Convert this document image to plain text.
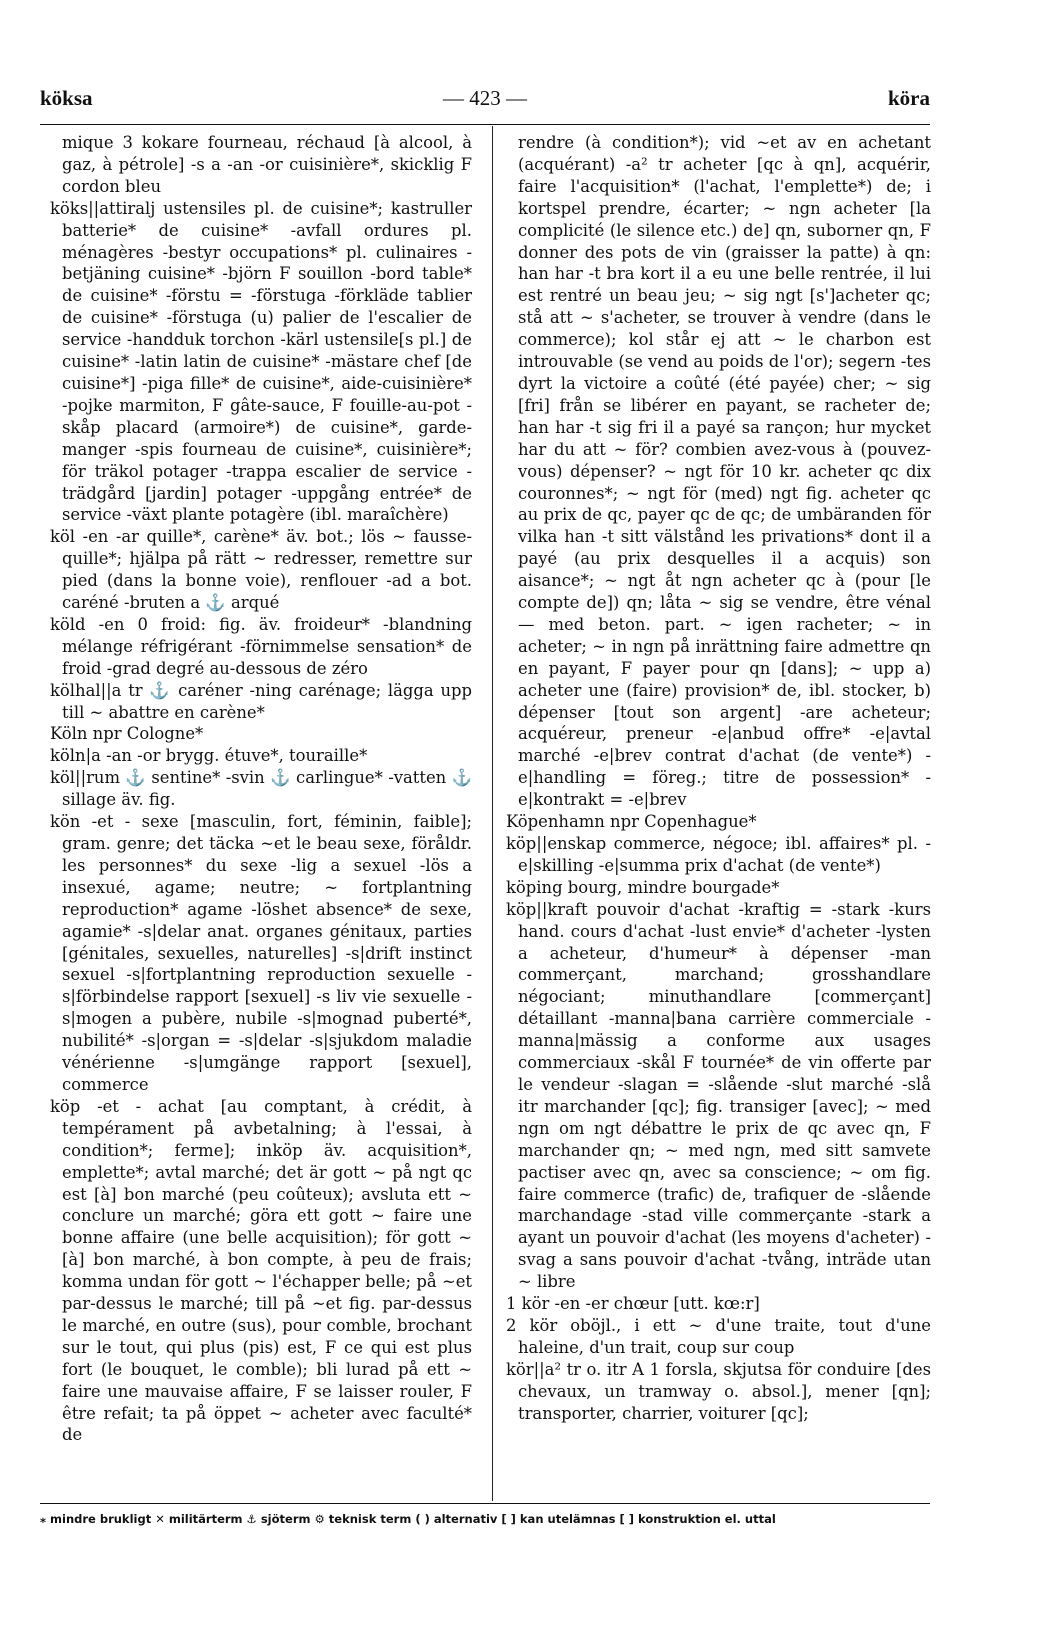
köksa	— 423 —	köra

mique 3 kokare fourneau, réchaud [à alcool, à gaz, à pétrole] -s a -an -or cuisinière*, skicklig F cordon bleu

köks||attiralj ustensiles pl. de cuisine*; kastruller batterie* de cuisine* -avfall ordures pl. ménagères -bestyr occupations* pl. culinaires -betjäning cuisine* -björn F souillon -bord table* de cuisine* -förstu = -förstuga -förkläde tablier de cuisine* -förstuga (u) palier de l'escalier de service -handduk torchon -kärl ustensile[s pl.] de cuisine* -latin latin de cuisine* -mästare chef [de cuisine*] -piga fille* de cuisine*, aide-cuisinière* -pojke marmiton, F gâte-sauce, F fouille-au-pot -skåp placard (armoire*) de cuisine*, garde-manger -spis fourneau de cuisine*, cuisinière*; för träkol potager -trappa escalier de service -trädgård [jardin] potager -uppgång entrée* de service -växt plante potagère (ibl. maraîchère)

köl -en -ar quille*, carène* äv. bot.; lös ~ fausse-quille*; hjälpa på rätt ~ redresser, remettre sur pied (dans la bonne voie), renflouer -ad a bot. caréné -bruten a ⚓ arqué

köld -en 0 froid: fig. äv. froideur* -blandning mélange réfrigérant -förnimmelse sensation* de froid -grad degré au-dessous de zéro

kölhal||a tr ⚓ caréner -ning carénage; lägga upp till ~ abattre en carène*

Köln npr Cologne*

köln|a -an -or brygg. étuve*, touraille*

köl||rum ⚓ sentine* -svin ⚓ carlingue* -vatten ⚓ sillage äv. fig.

kön -et - sexe [masculin, fort, féminin, faible]; gram. genre; det täcka ~et le beau sexe, föråldr. les personnes* du sexe -lig a sexuel -lös a insexué, agame; neutre; ~ fortplantning reproduction* agame -löshet absence* de sexe, agamie* -s|delar anat. organes génitaux, parties [génitales, sexuelles, naturelles] -s|drift instinct sexuel -s|fortplantning reproduction sexuelle -s|förbindelse rapport [sexuel] -s liv vie sexuelle -s|mogen a pubère, nubile -s|mognad puberté*, nubilité* -s|organ = -s|delar -s|sjukdom maladie vénérienne -s|umgänge rapport [sexuel], commerce

köp -et - achat [au comptant, à crédit, à tempérament på avbetalning; à l'essai, à condition*; ferme]; inköp äv. acquisition*, emplette*; avtal marché; det är gott ~ på ngt qc est [à] bon marché (peu coûteux); avsluta ett ~ conclure un marché; göra ett gott ~ faire une bonne affaire (une belle acquisition); för gott ~ [à] bon marché, à bon compte, à peu de frais; komma undan för gott ~ l'échapper belle; på ~et par-dessus le marché; till på ~et fig. par-dessus le marché, en outre (sus), pour comble, brochant sur le tout, qui plus (pis) est, F ce qui est plus fort (le bouquet, le comble); bli lurad på ett ~ faire une mauvaise affaire, F se laisser rouler, F être refait; ta på öppet ~ acheter avec faculté* de

rendre (à condition*); vid ~et av en achetant (acquérant) -a² tr acheter [qc à qn], acquérir, faire l'acquisition* (l'achat, l'emplette*) de; i kortspel prendre, écarter; ~ ngn acheter [la complicité (le silence etc.) de] qn, suborner qn, F donner des pots de vin (graisser la patte) à qn: han har -t bra kort il a eu une belle rentrée, il lui est rentré un beau jeu; ~ sig ngt [s']acheter qc; stå att ~ s'acheter, se trouver à vendre (dans le commerce); kol står ej att ~ le charbon est introuvable (se vend au poids de l'or); segern -tes dyrt la victoire a coûté (été payée) cher; ~ sig [fri] från se libérer en payant, se racheter de; han har -t sig fri il a payé sa rançon; hur mycket har du att ~ för? combien avez-vous à (pouvez-vous) dépenser? ~ ngt för 10 kr. acheter qc dix couronnes*; ~ ngt för (med) ngt fig. acheter qc au prix de qc, payer qc de qc; de umbäranden för vilka han -t sitt välstånd les privations* dont il a payé (au prix desquelles il a acquis) son aisance*; ~ ngt åt ngn acheter qc à (pour [le compte de]) qn; låta ~ sig se vendre, être vénal — med beton. part. ~ igen racheter; ~ in acheter; ~ in ngn på inrättning faire admettre qn en payant, F payer pour qn [dans]; ~ upp a) acheter une (faire) provision* de, ibl. stocker, b) dépenser [tout son argent] -are acheteur; acquéreur, preneur -e|anbud offre* -e|avtal marché -e|brev contrat d'achat (de vente*) -e|handling = föreg.; titre de possession* -e|kontrakt = -e|brev

Köpenhamn npr Copenhague*

köp||enskap commerce, négoce; ibl. affaires* pl. -e|skilling -e|summa prix d'achat (de vente*)

köping bourg, mindre bourgade*

köp||kraft pouvoir d'achat -kraftig = -stark -kurs hand. cours d'achat -lust envie* d'acheter -lysten a acheteur, d'humeur* à dépenser -man commerçant, marchand; grosshandlare négociant; minuthandlare [commerçant] détaillant -manna|bana carrière commerciale -manna|mässig a conforme aux usages commerciaux -skål F tournée* de vin offerte par le vendeur -slagan = -slående -slut marché -slå itr marchander [qc]; fig. transiger [avec]; ~ med ngn om ngt débattre le prix de qc avec qn, F marchander qn; ~ med ngn, med sitt samvete pactiser avec qn, avec sa conscience; ~ om fig. faire commerce (trafic) de, trafiquer de -slående marchandage -stad ville commerçante -stark a ayant un pouvoir d'achat (les moyens d'acheter) -svag a sans pouvoir d'achat -tvång, inträde utan ~ libre

1 kör -en -er chœur [utt. kœ:r]

2 kör oböjl., i ett ~ d'une traite, tout d'une haleine, d'un trait, coup sur coup

kör||a² tr o. itr A 1 forsla, skjutsa för conduire [des chevaux, un tramway o. absol.], mener [qn]; transporter, charrier, voiturer [qc];

⁎ mindre brukligt ✕ militärterm ⚓ sjöterm ⚙ teknisk term ( ) alternativ [ ] kan utelämnas [ ] konstruktion el. uttal
